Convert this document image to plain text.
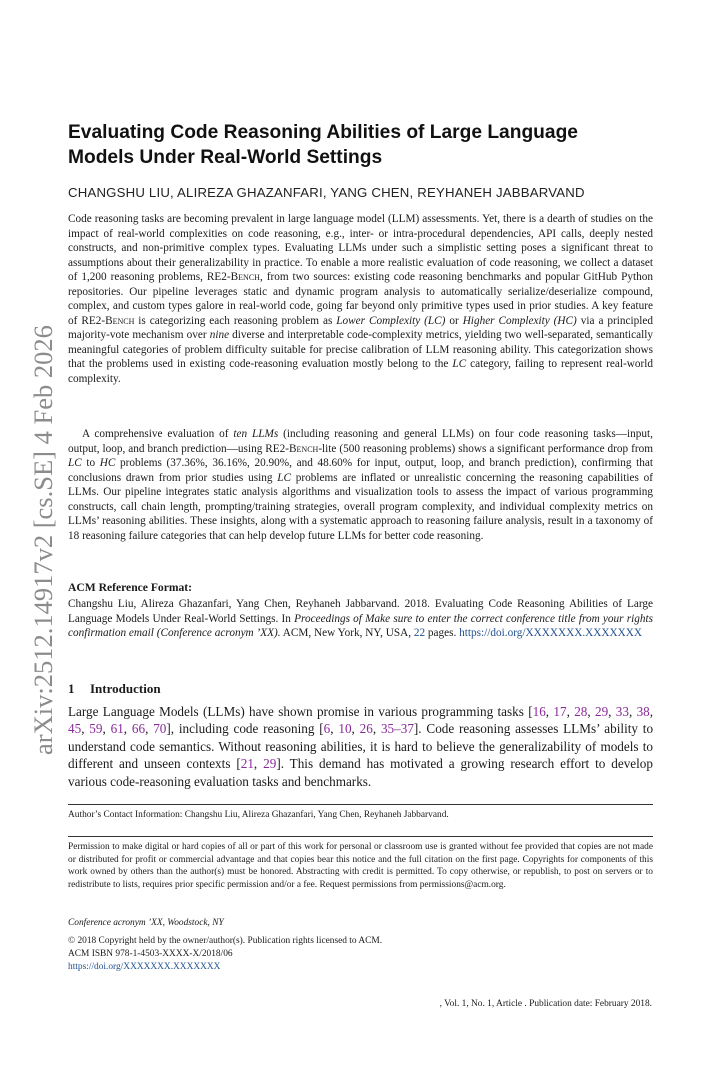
arXiv:2512.14917v2 [cs.SE] 4 Feb 2026
Evaluating Code Reasoning Abilities of Large Language Models Under Real-World Settings
CHANGSHU LIU, ALIREZA GHAZANFARI, YANG CHEN, REYHANEH JABBARVAND

Code reasoning tasks are becoming prevalent in large language model (LLM) assessments. Yet, there is a dearth of studies on the impact of real-world complexities on code reasoning, e.g., inter- or intra-procedural dependencies, API calls, deeply nested constructs, and non-primitive complex types. Evaluating LLMs under such a simplistic setting poses a significant threat to assumptions about their generalizability in practice. To enable a more realistic evaluation of code reasoning, we collect a dataset of 1,200 reasoning problems, RE2-Bench, from two sources: existing code reasoning benchmarks and popular GitHub Python repositories. Our pipeline leverages static and dynamic program analysis to automatically serialize/deserialize compound, complex, and custom types galore in real-world code, going far beyond only primitive types used in prior studies. A key feature of RE2-Bench is categorizing each reasoning problem as Lower Complexity (LC) or Higher Complexity (HC) via a principled majority-vote mechanism over nine diverse and interpretable code-complexity metrics, yielding two well-separated, semantically meaningful categories of problem difficulty suitable for precise calibration of LLM reasoning ability. This categorization shows that the problems used in existing code-reasoning evaluation mostly belong to the LC category, failing to represent real-world complexity.

A comprehensive evaluation of ten LLMs (including reasoning and general LLMs) on four code reasoning tasks—input, output, loop, and branch prediction—using RE2-Bench-lite (500 reasoning problems) shows a significant performance drop from LC to HC problems (37.36%, 36.16%, 20.90%, and 48.60% for input, output, loop, and branch prediction), confirming that conclusions drawn from prior studies using LC problems are inflated or unrealistic concerning the reasoning capabilities of LLMs. Our pipeline integrates static analysis algorithms and visualization tools to assess the impact of various programming constructs, call chain length, prompting/training strategies, overall program complexity, and individual complexity metrics on LLMs’ reasoning abilities. These insights, along with a systematic approach to reasoning failure analysis, result in a taxonomy of 18 reasoning failure categories that can help develop future LLMs for better code reasoning.

ACM Reference Format:

Changshu Liu, Alireza Ghazanfari, Yang Chen, Reyhaneh Jabbarvand. 2018. Evaluating Code Reasoning Abilities of Large Language Models Under Real-World Settings. In Proceedings of Make sure to enter the correct conference title from your rights confirmation email (Conference acronym ’XX). ACM, New York, NY, USA, 22 pages. https://doi.org/XXXXXXX.XXXXXXX

1 Introduction

Large Language Models (LLMs) have shown promise in various programming tasks [16, 17, 28, 29, 33, 38, 45, 59, 61, 66, 70], including code reasoning [6, 10, 26, 35–37]. Code reasoning assesses LLMs’ ability to understand code semantics. Without reasoning abilities, it is hard to believe the generalizability of models to different and unseen contexts [21, 29]. This demand has motivated a growing research effort to develop various code-reasoning evaluation tasks and benchmarks.

Author’s Contact Information: Changshu Liu, Alireza Ghazanfari, Yang Chen, Reyhaneh Jabbarvand.

Permission to make digital or hard copies of all or part of this work for personal or classroom use is granted without fee provided that copies are not made or distributed for profit or commercial advantage and that copies bear this notice and the full citation on the first page. Copyrights for components of this work owned by others than the author(s) must be honored. Abstracting with credit is permitted. To copy otherwise, or republish, to post on servers or to redistribute to lists, requires prior specific permission and/or a fee. Request permissions from permissions@acm.org.

Conference acronym ’XX, Woodstock, NY
© 2018 Copyright held by the owner/author(s). Publication rights licensed to ACM.
ACM ISBN 978-1-4503-XXXX-X/2018/06
https://doi.org/XXXXXXX.XXXXXXX
, Vol. 1, No. 1, Article . Publication date: February 2018.
